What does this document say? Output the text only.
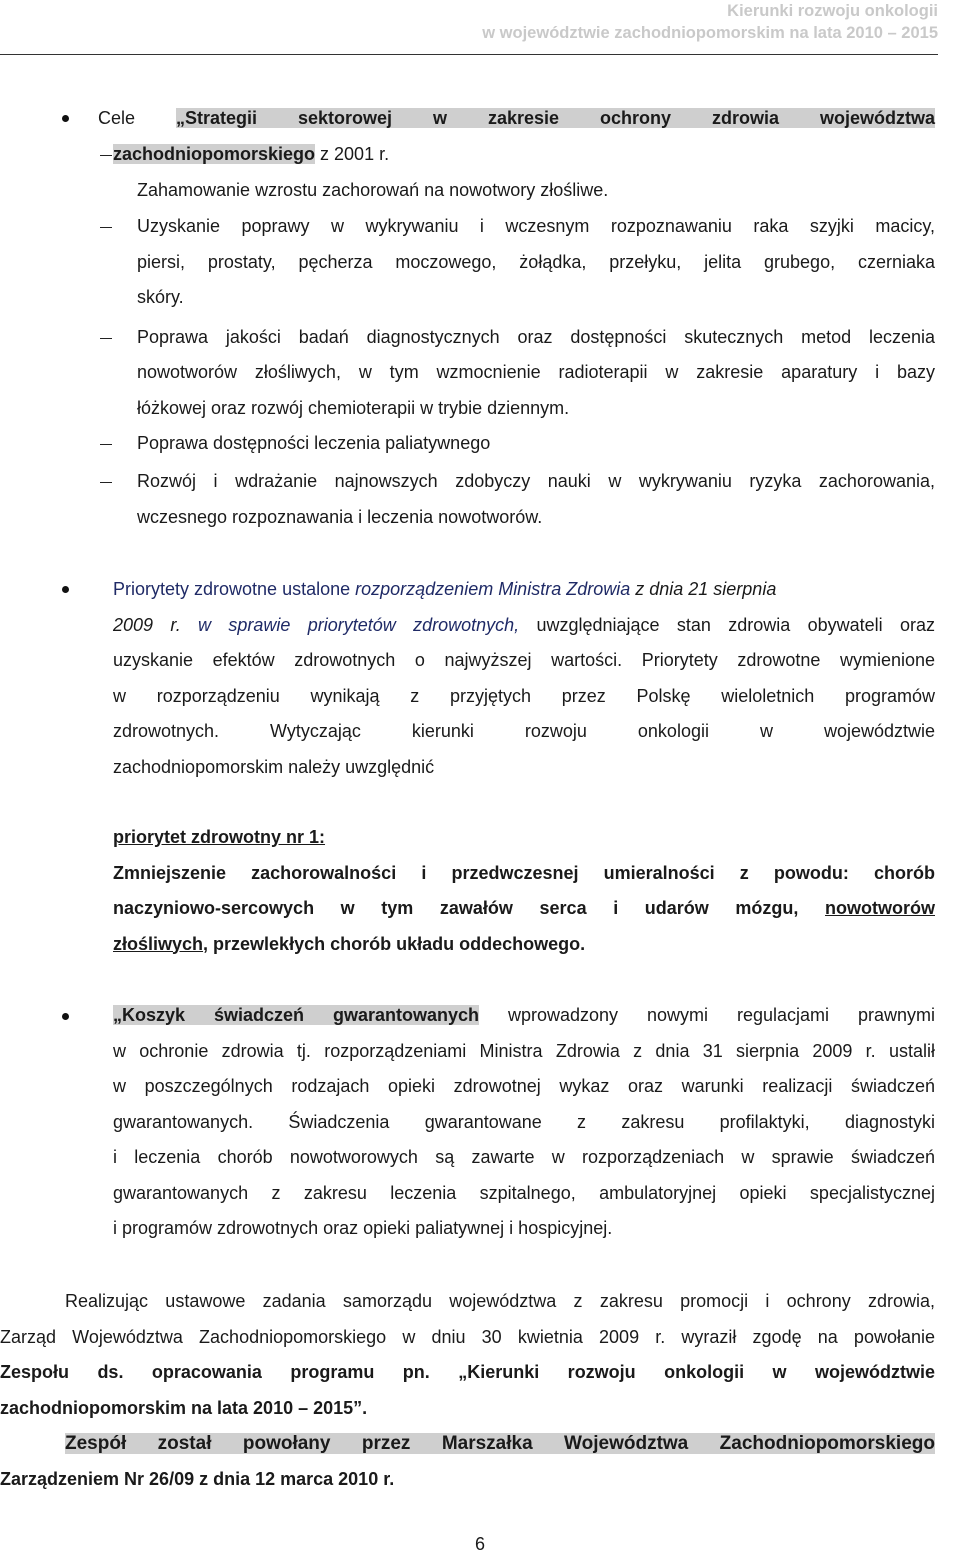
Kierunki rozwoju onkologii
w województwie zachodniopomorskim na lata 2010 – 2015
Cele „Strategii sektorowej w zakresie ochrony zdrowia województwa
zachodniopomorskiego z 2001 r.
Zahamowanie wzrostu zachorowań na nowotwory złośliwe.
Uzyskanie poprawy w wykrywaniu i wczesnym rozpoznawaniu raka szyjki macicy,
piersi, prostaty, pęcherza moczowego, żołądka, przełyku, jelita grubego, czerniaka
skóry.
Poprawa jakości badań diagnostycznych oraz dostępności skutecznych metod leczenia
nowotworów złośliwych, w tym wzmocnienie radioterapii w zakresie aparatury i bazy
łóżkowej oraz rozwój chemioterapii w trybie dziennym.
Poprawa dostępności leczenia paliatywnego
Rozwój i wdrażanie najnowszych zdobyczy nauki w wykrywaniu ryzyka zachorowania,
wczesnego rozpoznawania i leczenia nowotworów.
Priorytety zdrowotne ustalone rozporządzeniem Ministra Zdrowia z dnia 21 sierpnia
2009 r. w sprawie priorytetów zdrowotnych, uwzględniające stan zdrowia obywateli oraz
uzyskanie efektów zdrowotnych o najwyższej wartości. Priorytety zdrowotne wymienione
w rozporządzeniu wynikają z przyjętych przez Polskę wieloletnich programów
zdrowotnych. Wytyczając kierunki rozwoju onkologii w województwie
zachodniopomorskim należy uwzględnić
priorytet zdrowotny nr 1:
Zmniejszenie zachorowalności i przedwczesnej umieralności z powodu: chorób
naczyniowo-sercowych w tym zawałów serca i udarów mózgu, nowotworów
złośliwych, przewlekłych chorób układu oddechowego.
„Koszyk świadczeń gwarantowanych wprowadzony nowymi regulacjami prawnymi
w ochronie zdrowia tj. rozporządzeniami Ministra Zdrowia z dnia 31 sierpnia 2009 r. ustalił
w poszczególnych rodzajach opieki zdrowotnej wykaz oraz warunki realizacji świadczeń
gwarantowanych. Świadczenia gwarantowane z zakresu profilaktyki, diagnostyki
i leczenia chorób nowotworowych są zawarte w rozporządzeniach w sprawie świadczeń
gwarantowanych z zakresu leczenia szpitalnego, ambulatoryjnej opieki specjalistycznej
i programów zdrowotnych oraz opieki paliatywnej i hospicyjnej.
Realizując ustawowe zadania samorządu województwa z zakresu promocji i ochrony zdrowia,
Zarząd Województwa Zachodniopomorskiego w dniu 30 kwietnia 2009 r. wyraził zgodę na powołanie
Zespołu ds. opracowania programu pn. „Kierunki rozwoju onkologii w województwie
zachodniopomorskim na lata 2010 – 2015”.
Zespół został powołany przez Marszałka Województwa Zachodniopomorskiego
Zarządzeniem Nr 26/09 z dnia 12 marca 2010 r.
6
